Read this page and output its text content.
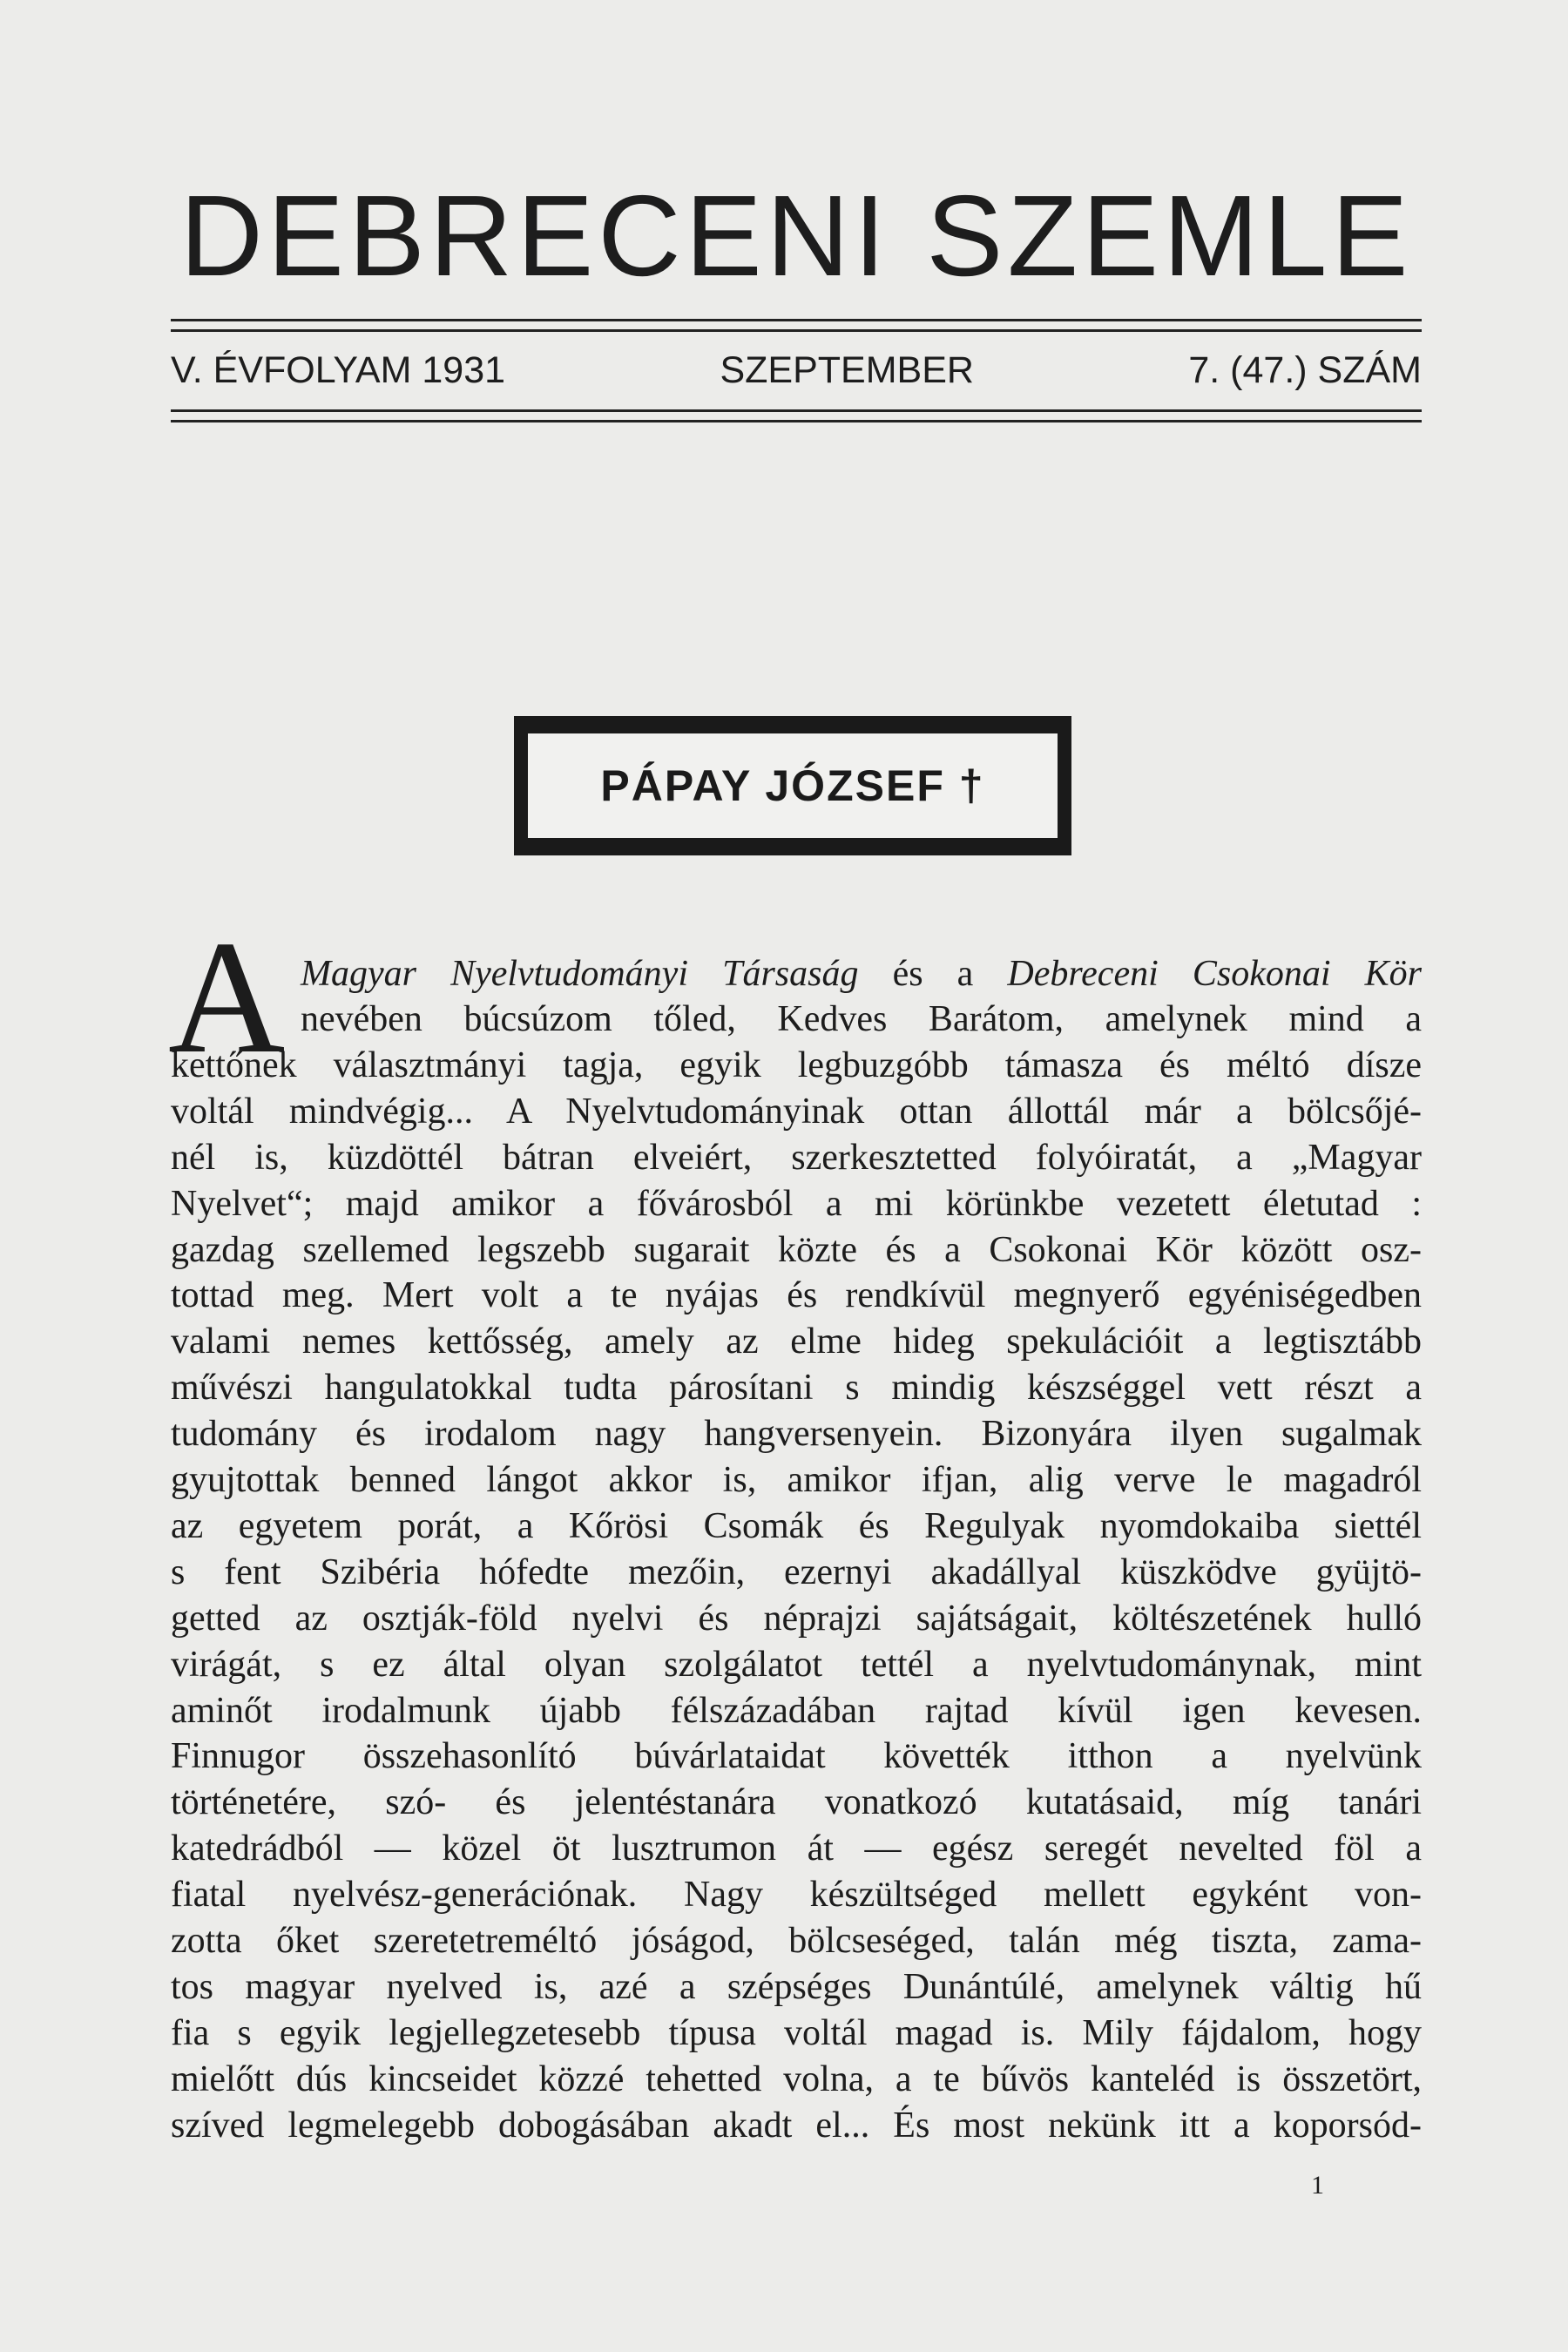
DEBRECENI SZEMLE
V. ÉVFOLYAM 1931	SZEPTEMBER	7. (47.) SZÁM
PÁPAY JÓZSEF †
A Magyar Nyelvtudományi Társaság és a Debreceni Csokonai Kör
nevében búcsúzom tőled, Kedves Barátom, amelynek mind a
kettőnek választmányi tagja, egyik legbuzgóbb támasza és méltó dísze
voltál mindvégig... A Nyelvtudományinak ottan állottál már a bölcsőjé-
nél is, küzdöttél bátran elveiért, szerkesztetted folyóiratát, a „Magyar
Nyelvet“; majd amikor a fővárosból a mi körünkbe vezetett életutad :
gazdag szellemed legszebb sugarait közte és a Csokonai Kör között osz-
tottad meg. Mert volt a te nyájas és rendkívül megnyerő egyéniségedben
valami nemes kettősség, amely az elme hideg spekulációit a legtisztább
művészi hangulatokkal tudta párosítani s mindig készséggel vett részt a
tudomány és irodalom nagy hangversenyein. Bizonyára ilyen sugalmak
gyujtottak benned lángot akkor is, amikor ifjan, alig verve le magadról
az egyetem porát, a Kőrösi Csomák és Regulyak nyomdokaiba siettél
s fent Szibéria hófedte mezőin, ezernyi akadállyal küszködve gyüjtö-
getted az osztják-föld nyelvi és néprajzi sajátságait, költészetének hulló
virágát, s ez által olyan szolgálatot tettél a nyelvtudománynak, mint
aminőt irodalmunk újabb félszázadában rajtad kívül igen kevesen.
Finnugor összehasonlító búvárlataidat követték itthon a nyelvünk
történetére, szó- és jelentéstanára vonatkozó kutatásaid, míg tanári
katedrádból — közel öt lusztrumon át — egész seregét nevelted föl a
fiatal nyelvész-generációnak. Nagy készültséged mellett egyként von-
zotta őket szeretetreméltó jóságod, bölcseséged, talán még tiszta, zama-
tos magyar nyelved is, azé a szépséges Dunántúlé, amelynek váltig hű
fia s egyik legjellegzetesebb típusa voltál magad is. Mily fájdalom, hogy
mielőtt dús kincseidet közzé tehetted volna, a te bűvös kanteléd is összetört,
szíved legmelegebb dobogásában akadt el... És most nekünk itt a koporsód-
1
